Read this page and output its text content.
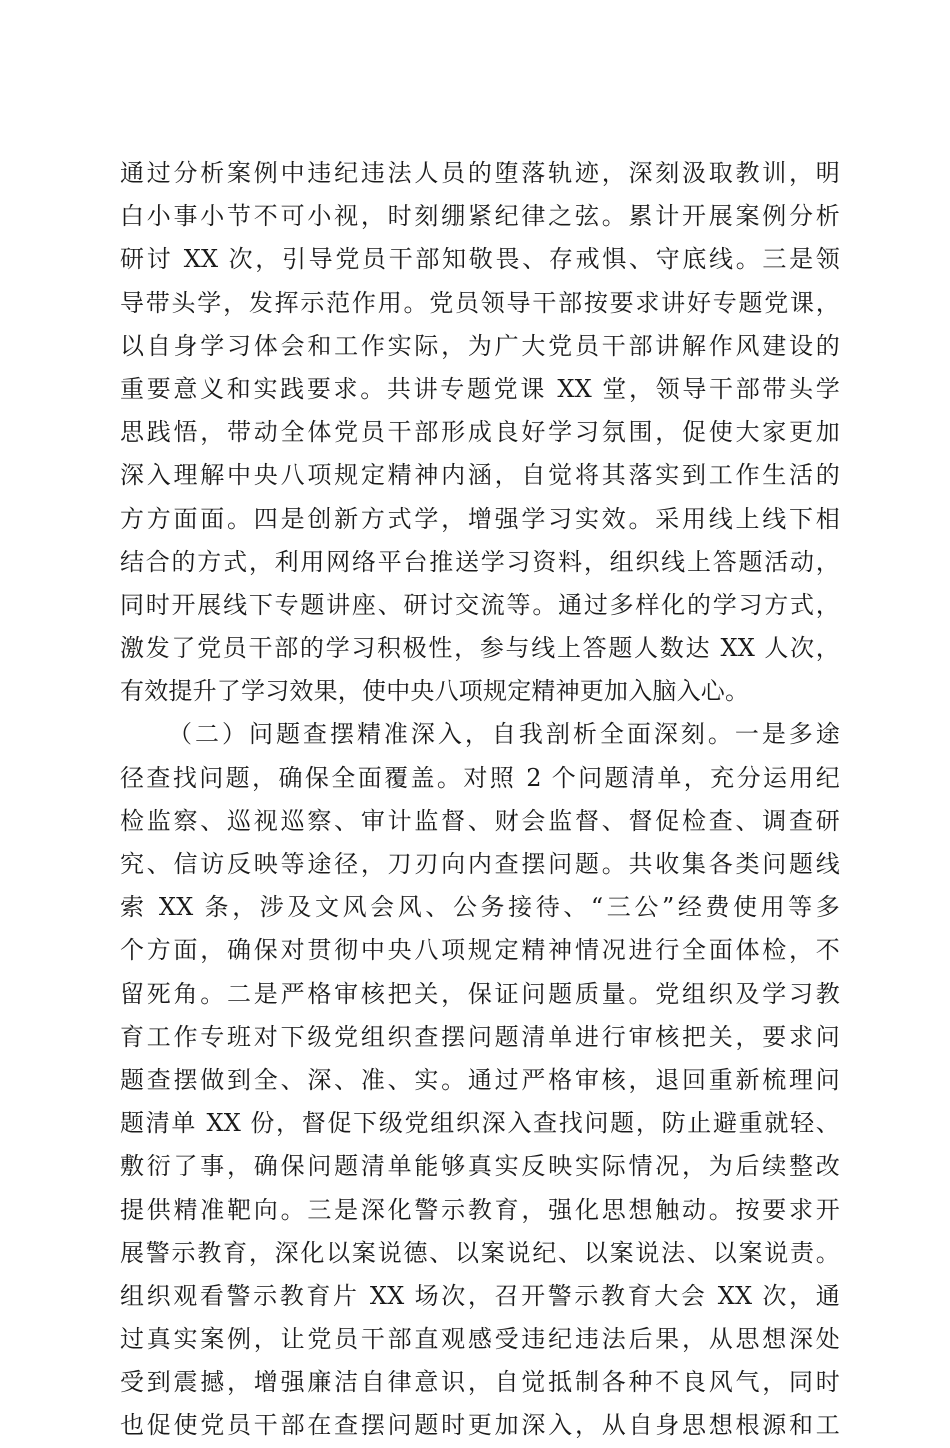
通过分析案例中违纪违法人员的堕落轨迹，深刻汲取教训，明
白小事小节不可小视，时刻绷紧纪律之弦。累计开展案例分析
研讨 XX 次，引导党员干部知敬畏、存戒惧、守底线。三是领
导带头学，发挥示范作用。党员领导干部按要求讲好专题党课，
以自身学习体会和工作实际，为广大党员干部讲解作风建设的
重要意义和实践要求。共讲专题党课 XX 堂，领导干部带头学
思践悟，带动全体党员干部形成良好学习氛围，促使大家更加
深入理解中央八项规定精神内涵，自觉将其落实到工作生活的
方方面面。四是创新方式学，增强学习实效。采用线上线下相
结合的方式，利用网络平台推送学习资料，组织线上答题活动，
同时开展线下专题讲座、研讨交流等。通过多样化的学习方式，
激发了党员干部的学习积极性，参与线上答题人数达 XX 人次，
有效提升了学习效果，使中央八项规定精神更加入脑入心。
（二）问题查摆精准深入，自我剖析全面深刻。一是多途
径查找问题，确保全面覆盖。对照 2 个问题清单，充分运用纪
检监察、巡视巡察、审计监督、财会监督、督促检查、调查研
究、信访反映等途径，刀刃向内查摆问题。共收集各类问题线
索 XX 条，涉及文风会风、公务接待、“三公”经费使用等多
个方面，确保对贯彻中央八项规定精神情况进行全面体检，不
留死角。二是严格审核把关，保证问题质量。党组织及学习教
育工作专班对下级党组织查摆问题清单进行审核把关，要求问
题查摆做到全、深、准、实。通过严格审核，退回重新梳理问
题清单 XX 份，督促下级党组织深入查找问题，防止避重就轻、
敷衍了事，确保问题清单能够真实反映实际情况，为后续整改
提供精准靶向。三是深化警示教育，强化思想触动。按要求开
展警示教育，深化以案说德、以案说纪、以案说法、以案说责。
组织观看警示教育片 XX 场次，召开警示教育大会 XX 次，通
过真实案例，让党员干部直观感受违纪违法后果，从思想深处
受到震撼，增强廉洁自律意识，自觉抵制各种不良风气，同时
也促使党员干部在查摆问题时更加深入，从自身思想根源和工
